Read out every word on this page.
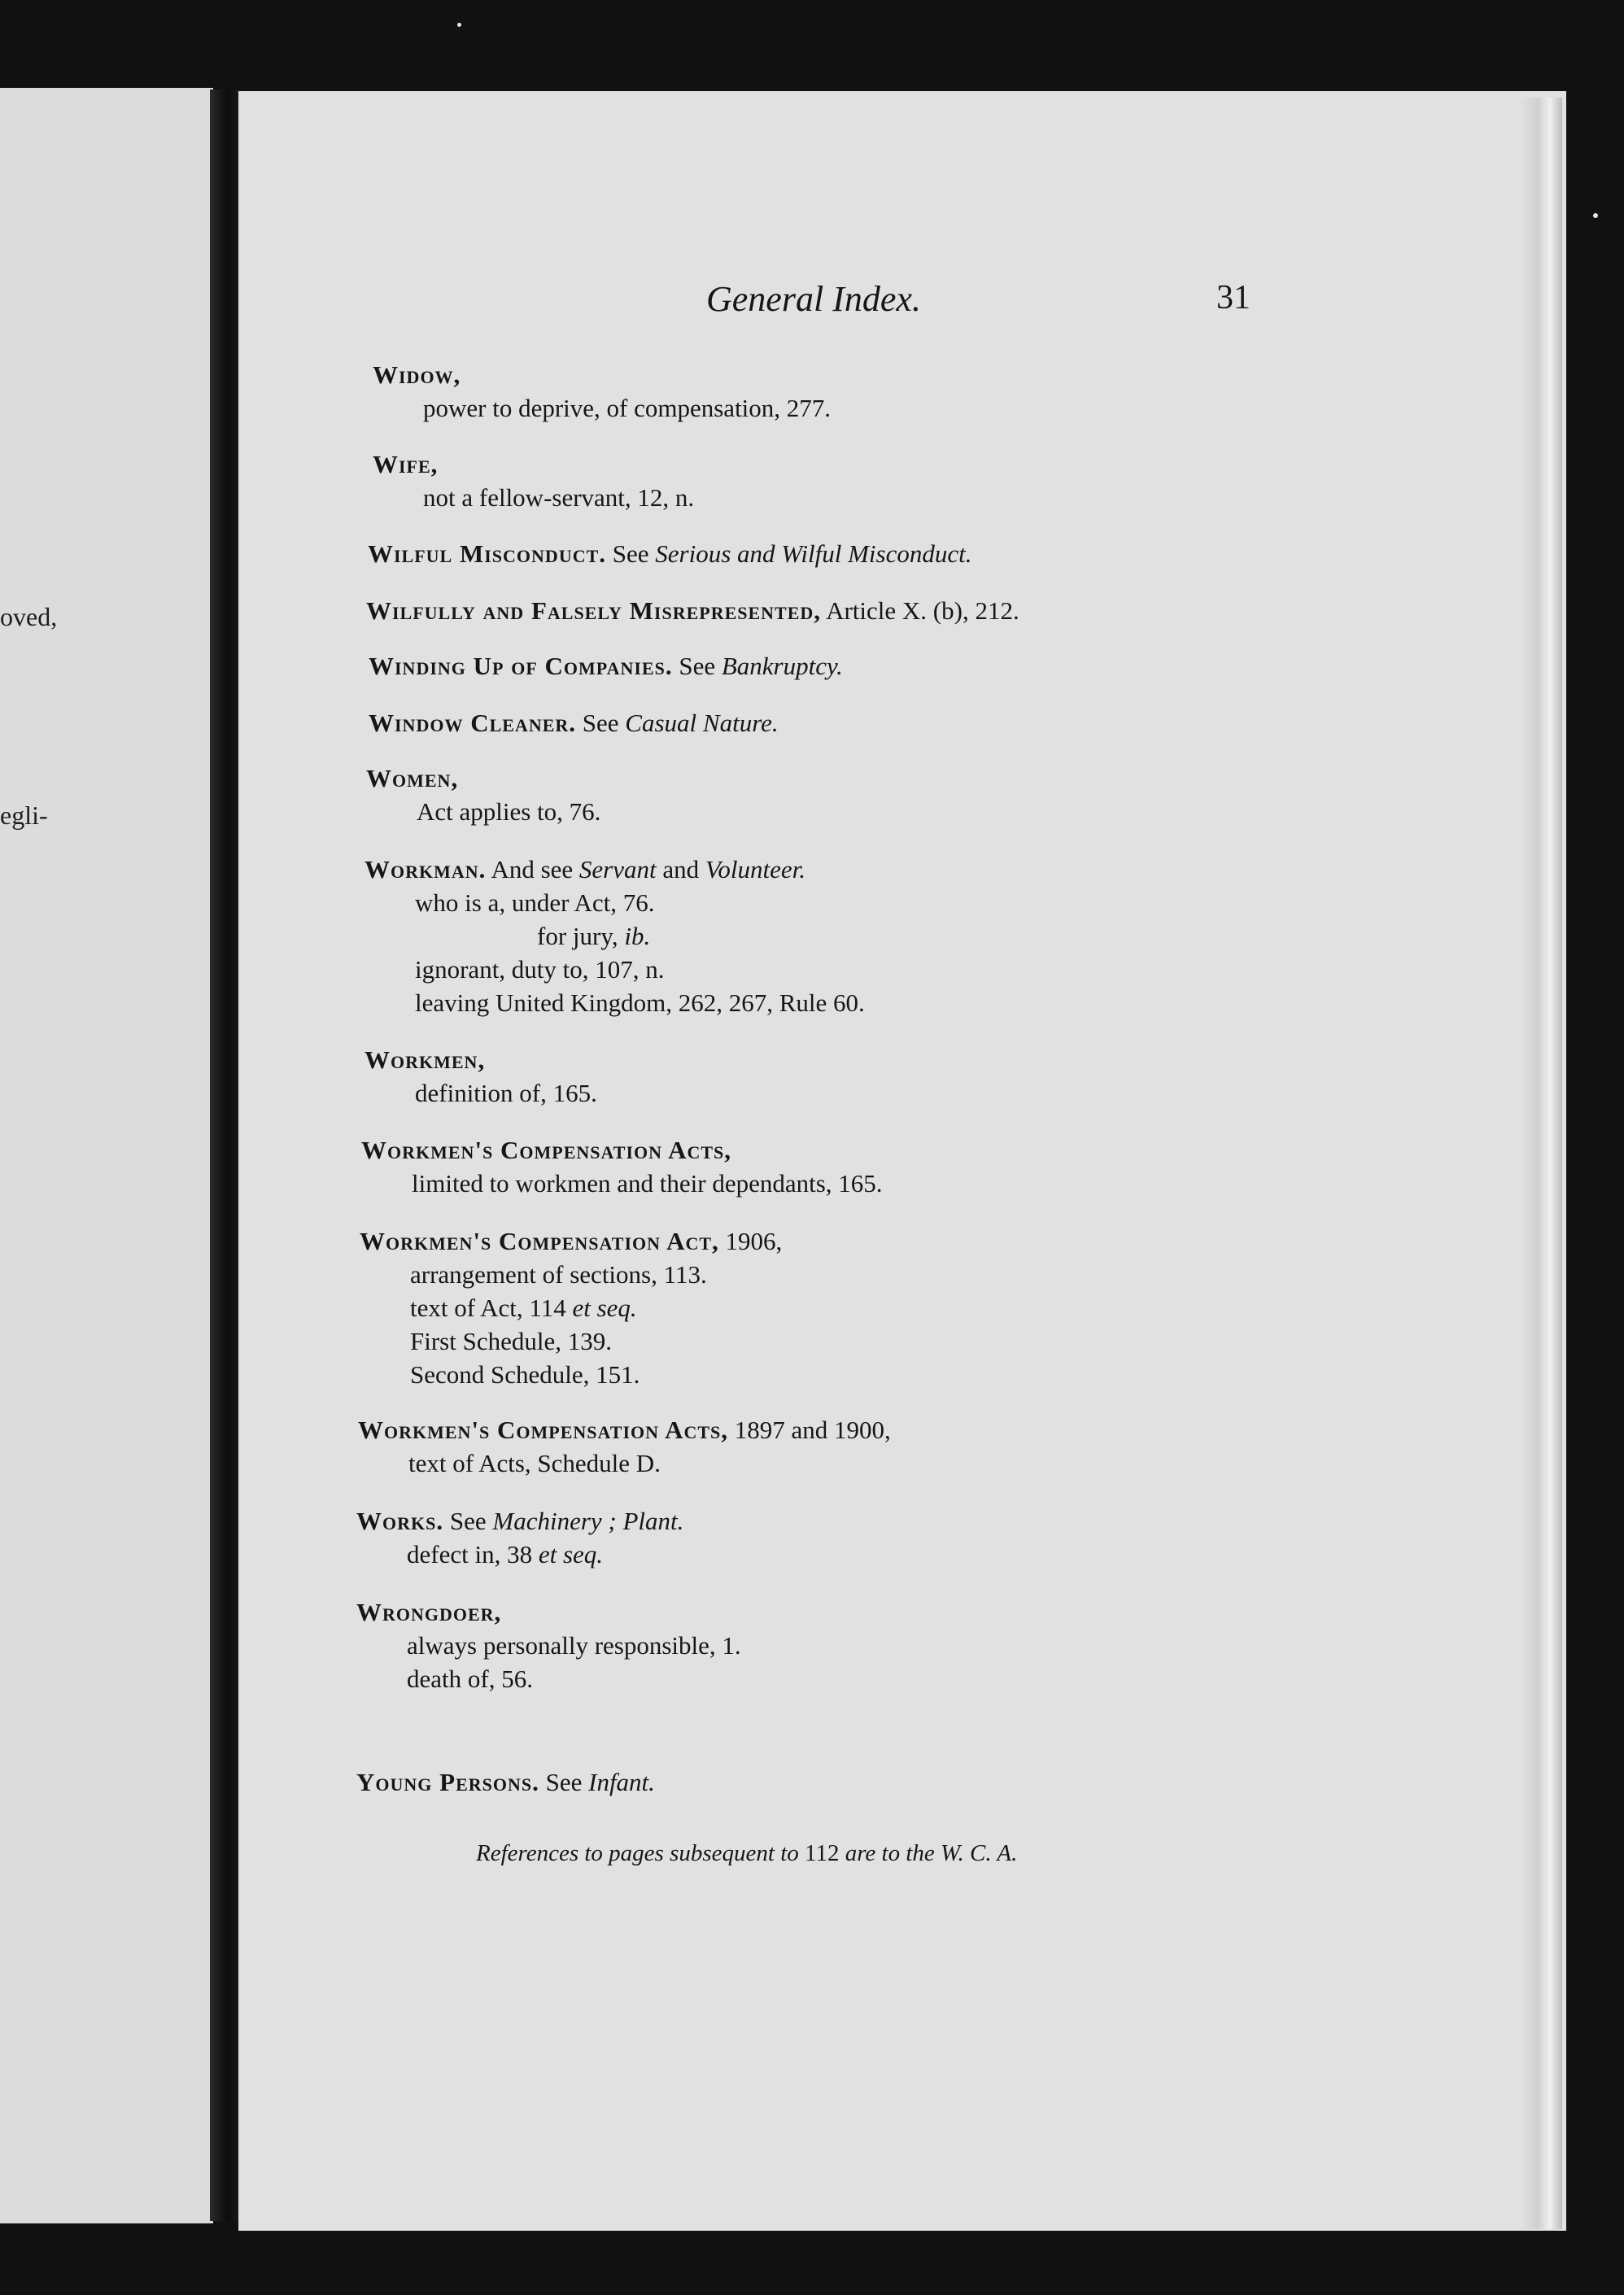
oved,
egli-
General Index.	31
Widow,
power to deprive, of compensation, 277.
Wife,
not a fellow-servant, 12, n.
Wilful Misconduct. See Serious and Wilful Misconduct.
Wilfully and Falsely Misrepresented, Article X. (b), 212.
Winding Up of Companies. See Bankruptcy.
Window Cleaner. See Casual Nature.
Women,
Act applies to, 76.
Workman. And see Servant and Volunteer.
who is a, under Act, 76.
for jury, ib.
ignorant, duty to, 107, n.
leaving United Kingdom, 262, 267, Rule 60.
Workmen,
definition of, 165.
Workmen's Compensation Acts,
limited to workmen and their dependants, 165.
Workmen's Compensation Act, 1906,
arrangement of sections, 113.
text of Act, 114 et seq.
First Schedule, 139.
Second Schedule, 151.
Workmen's Compensation Acts, 1897 and 1900,
text of Acts, Schedule D.
Works. See Machinery ; Plant.
defect in, 38 et seq.
Wrongdoer,
always personally responsible, 1.
death of, 56.
Young Persons. See Infant.
References to pages subsequent to 112 are to the W. C. A.
